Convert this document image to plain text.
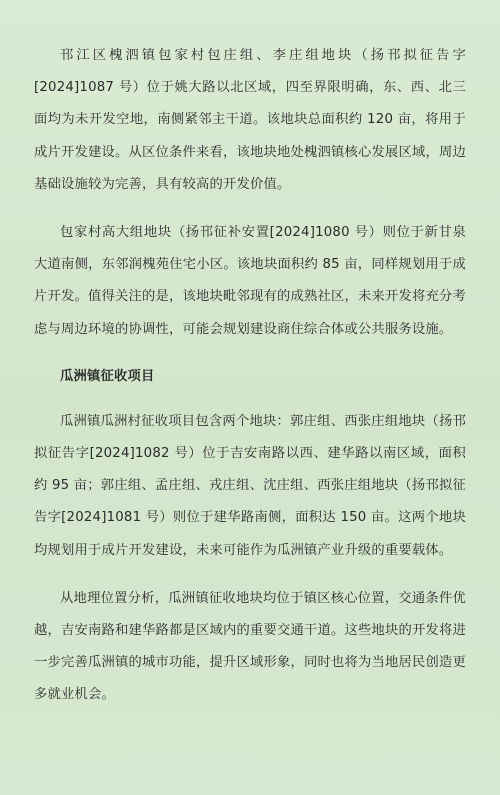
邗江区槐泗镇包家村包庄组、李庄组地块（扬邗拟征告字[2024]1087 号）位于姚大路以北区域，四至界限明确，东、西、北三面均为未开发空地，南侧紧邻主干道。该地块总面积约 120 亩，将用于成片开发建设。从区位条件来看，该地块地处槐泗镇核心发展区域，周边基础设施较为完善，具有较高的开发价值。

包家村高大组地块（扬邗征补安置[2024]1080 号）则位于新甘泉大道南侧，东邻润槐苑住宅小区。该地块面积约 85 亩，同样规划用于成片开发。值得关注的是，该地块毗邻现有的成熟社区，未来开发将充分考虑与周边环境的协调性，可能会规划建设商住综合体或公共服务设施。

瓜洲镇征收项目

瓜洲镇瓜洲村征收项目包含两个地块：郭庄组、西张庄组地块（扬邗拟征告字[2024]1082 号）位于吉安南路以西、建华路以南区域，面积约 95 亩；郭庄组、孟庄组、戎庄组、沈庄组、西张庄组地块（扬邗拟征告字[2024]1081 号）则位于建华路南侧，面积达 150 亩。这两个地块均规划用于成片开发建设，未来可能作为瓜洲镇产业升级的重要载体。

从地理位置分析，瓜洲镇征收地块均位于镇区核心位置，交通条件优越，吉安南路和建华路都是区域内的重要交通干道。这些地块的开发将进一步完善瓜洲镇的城市功能，提升区域形象，同时也将为当地居民创造更多就业机会。
